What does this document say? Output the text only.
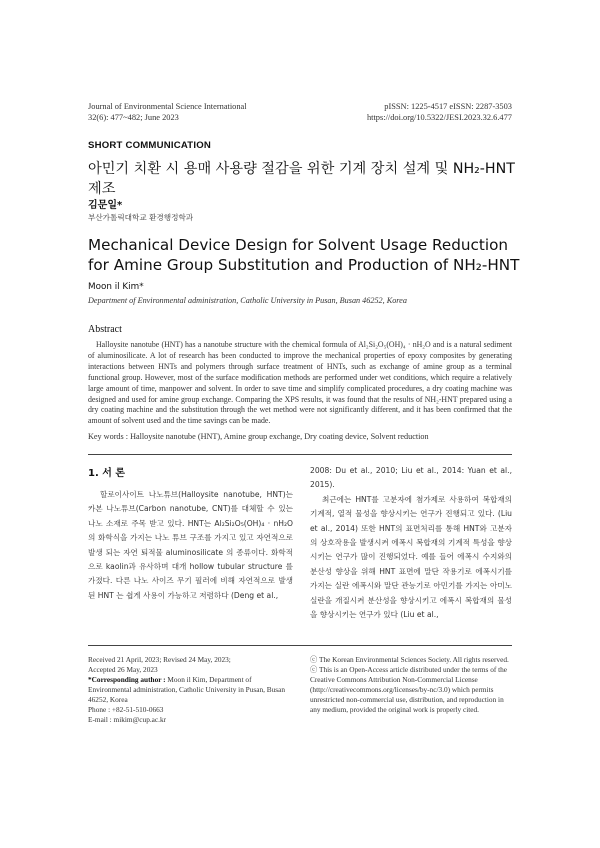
Journal of Environmental Science International
32(6): 477~482; June 2023
pISSN: 1225-4517 eISSN: 2287-3503
https://doi.org/10.5322/JESI.2023.32.6.477
SHORT COMMUNICATION
아민기 치환 시 용매 사용량 절감을 위한 기계 장치 설계 및 NH₂-HNT 제조
김문일*
부산가톨릭대학교 환경행정학과
Mechanical Device Design for Solvent Usage Reduction for Amine Group Substitution and Production of NH₂-HNT
Moon il Kim*
Department of Environmental administration, Catholic University in Pusan, Busan 46252, Korea
Abstract
Halloysite nanotube (HNT) has a nanotube structure with the chemical formula of Al₂Si₂O₅(OH)₄ · nH₂O and is a natural sediment of aluminosilicate. A lot of research has been conducted to improve the mechanical properties of epoxy composites by generating interactions between HNTs and polymers through surface treatment of HNTs, such as exchange of amine group as a terminal functional group. However, most of the surface modification methods are performed under wet conditions, which require a relatively large amount of time, manpower and solvent. In order to save time and simplify complicated procedures, a dry coating machine was designed and used for amine group exchange. Comparing the XPS results, it was found that the results of NH₂-HNT prepared using a dry coating machine and the substitution through the wet method were not significantly different, and it has been confirmed that the amount of solvent used and the time savings can be made.
Key words : Halloysite nanotube (HNT), Amine group exchange, Dry coating device, Solvent reduction
1. 서 론

할로이사이트 나노튜브(Halloysite nanotube, HNT)는 카본 나노튜브(Carbon nanotube, CNT)를 대체할 수 있는 나노 소재로 주목 받고 있다. HNT는 Al₂Si₂O₅(OH)₄ · nH₂O 의 화학식을 가지는 나노 튜브 구조를 가지고 있고 자연적으로 발생 되는 자연 퇴적물 aluminosilicate 의 종류이다. 화학적으로 kaolin과 유사하며 대개 hollow tubular structure 를 가졌다. 다른 나노 사이즈 무기 필러에 비해 자연적으로 발생된 HNT 는 쉽게 사용이 가능하고 저렴하다 (Deng et al.,

2008: Du et al., 2010; Liu et al., 2014: Yuan et al., 2015).

최근에는 HNT를 고분자에 첨가제로 사용하여 복합재의 기계적, 열적 물성을 향상시키는 연구가 진행되고 있다. (Liu et al., 2014) 또한 HNT의 표면처리를 통해 HNT와 고분자의 상호작용을 발생시켜 에폭시 복합재의 기계적 특성을 향상시키는 연구가 많이 진행되었다. 예를 들어 에폭시 수지와의 분산성 향상을 위해 HNT 표면에 말단 작용기로 에폭시기를 가지는 실란 에폭시와 말단 관능기로 아민기를 가지는 아미노 실란을 개질시켜 분산성을 향상시키고 에폭시 복합재의 물성을 향상시키는 연구가 있다 (Liu et al.,

Received 21 April, 2023; Revised 24 May, 2023;
Accepted 26 May, 2023
*Corresponding author : Moon il Kim, Department of Environmental administration, Catholic University in Pusan, Busan 46252, Korea
Phone : +82-51-510-0663
E-mail : mikim@cup.ac.kr
ⓒ The Korean Environmental Sciences Society. All rights reserved.
ⓒ This is an Open-Access article distributed under the terms of the Creative Commons Attribution Non-Commercial License (http://creativecommons.org/licenses/by-nc/3.0) which permits unrestricted non-commercial use, distribution, and reproduction in any medium, provided the original work is properly cited.
